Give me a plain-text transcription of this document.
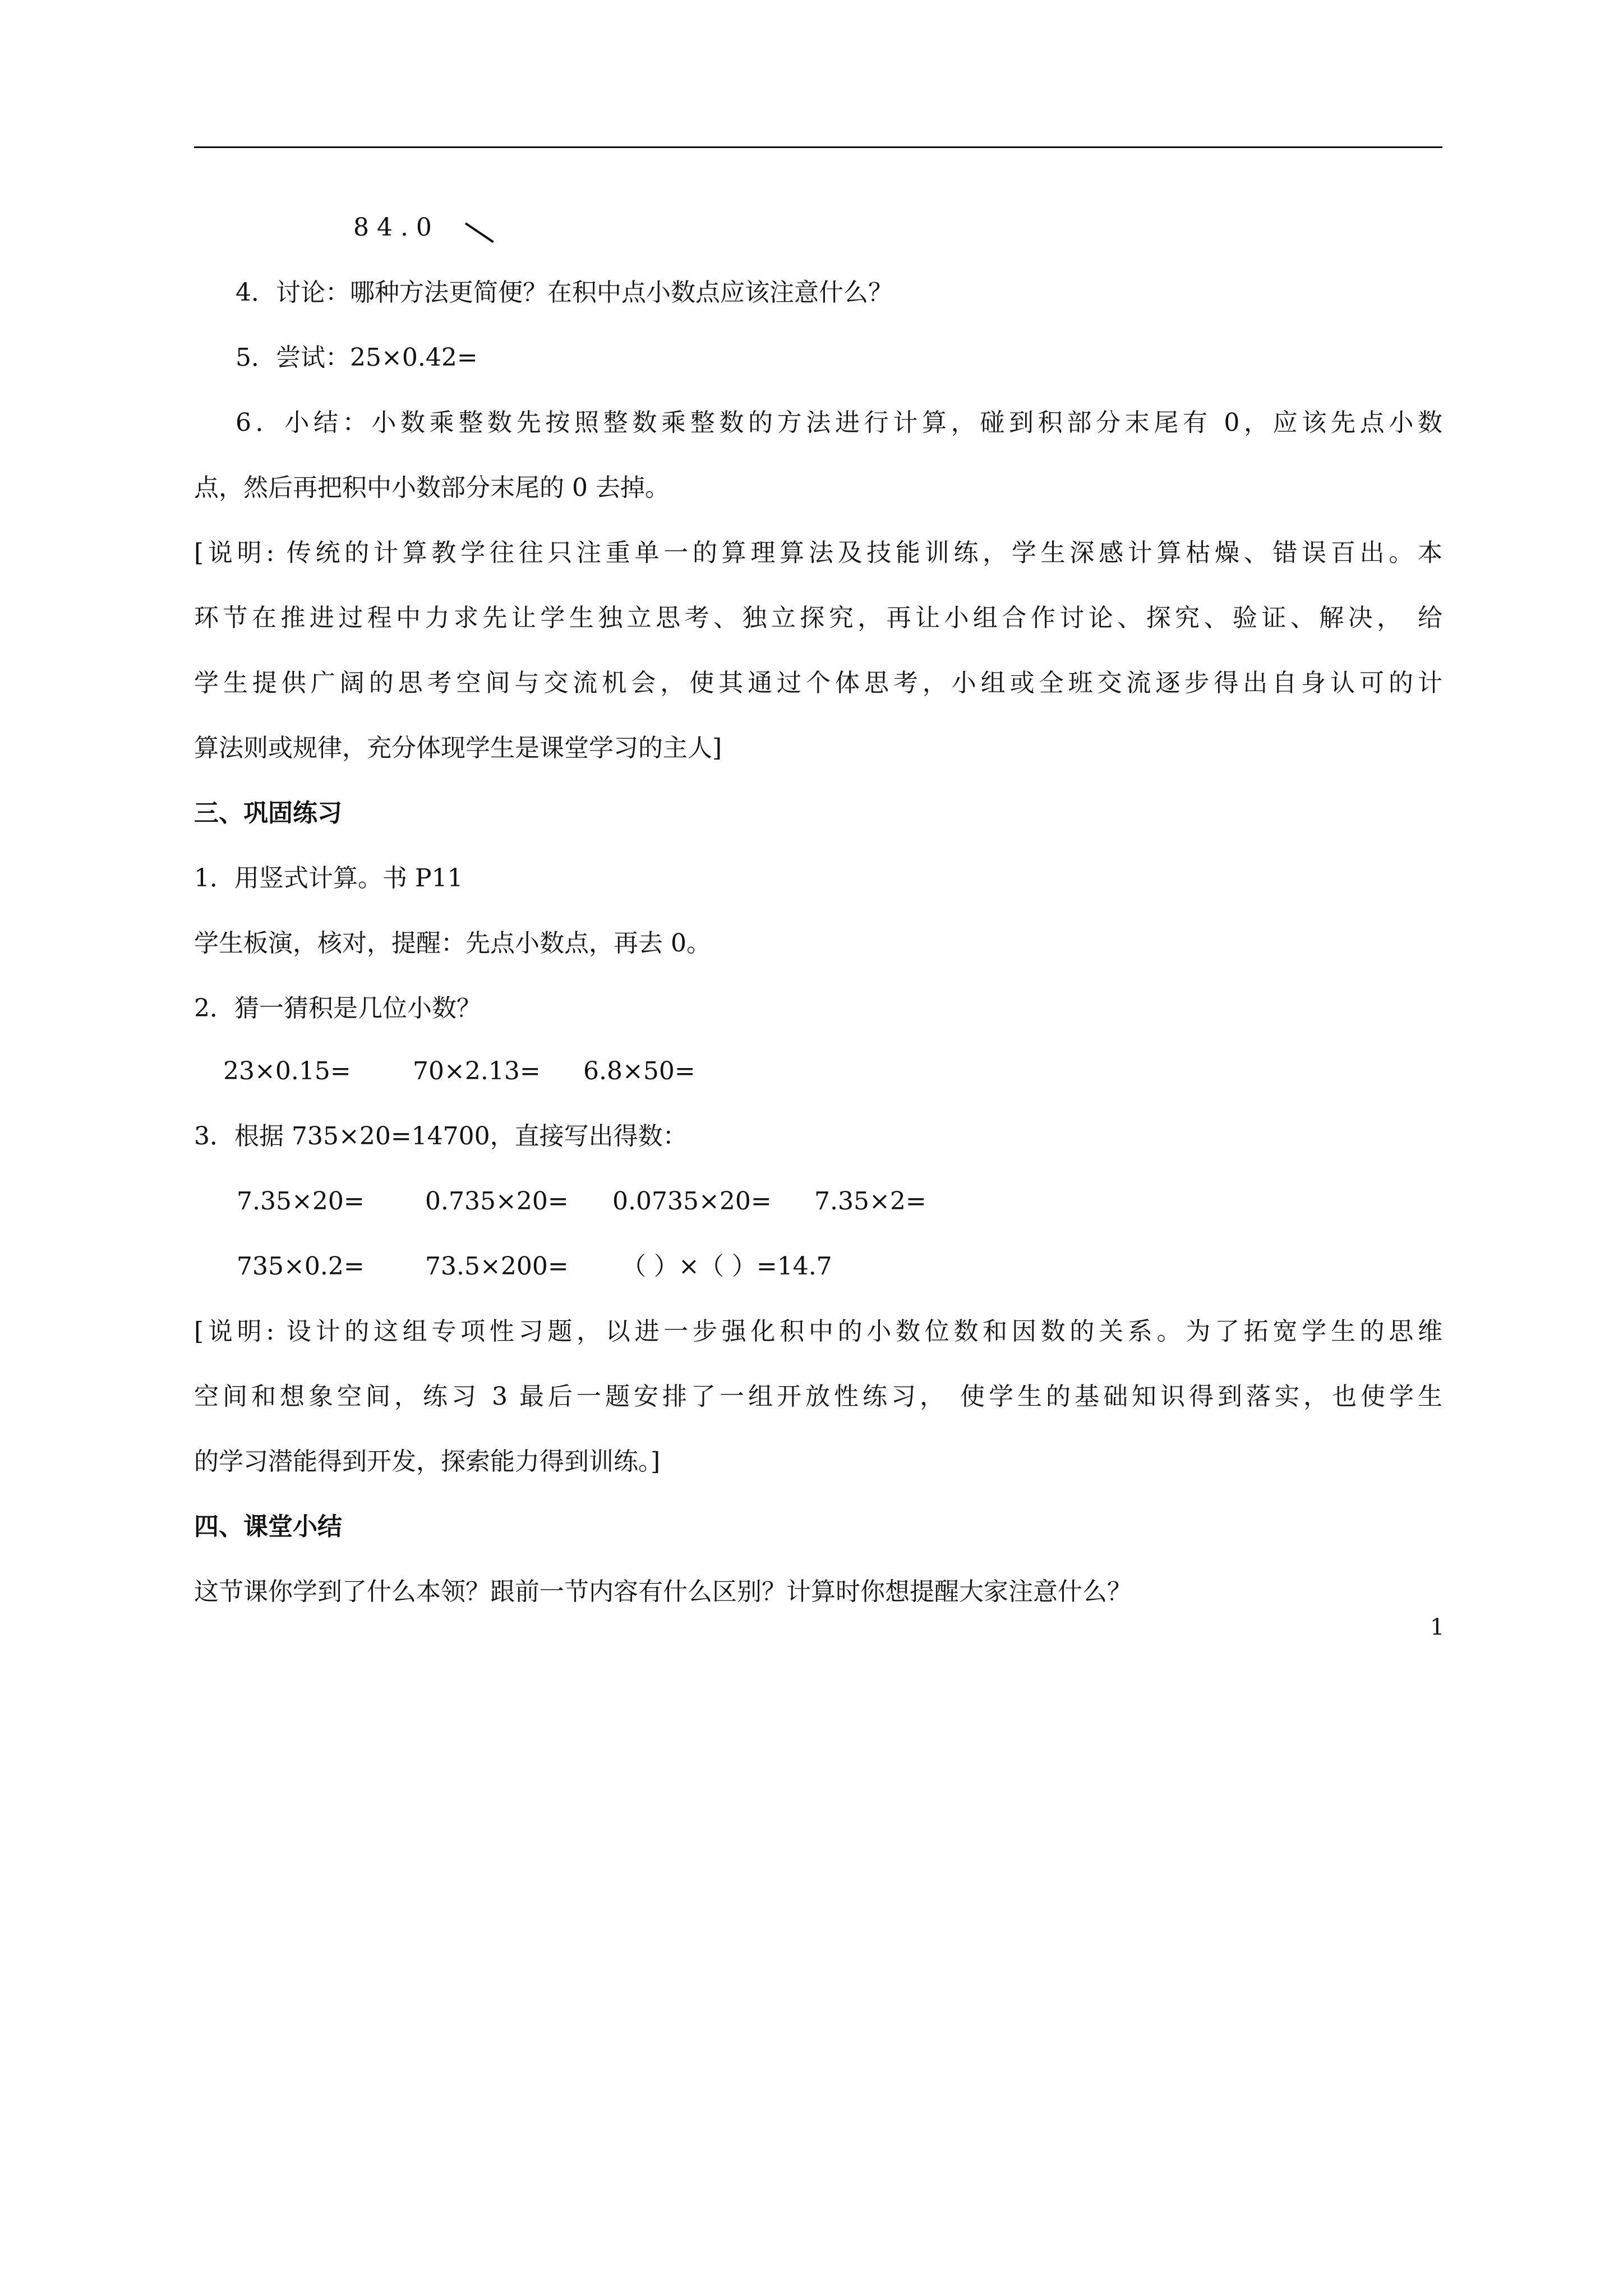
8 4 . 0
4．讨论：哪种方法更简便？在积中点小数点应该注意什么？
5．尝试：25×0.42=
6．小结：小数乘整数先按照整数乘整数的方法进行计算，碰到积部分末尾有 0，应该先点小数
点，然后再把积中小数部分末尾的 0 去掉。
[说明: 传统的计算教学往往只注重单一的算理算法及技能训练，学生深感计算枯燥、错误百出。本
环节在推进过程中力求先让学生独立思考、独立探究，再让小组合作讨论、探究、验证、解决， 给
学生提供广阔的思考空间与交流机会，使其通过个体思考，小组或全班交流逐步得出自身认可的计
算法则或规律，充分体现学生是课堂学习的主人]
三、巩固练习
1．用竖式计算。书 P11
学生板演，核对，提醒：先点小数点，再去 0。
2．猜一猜积是几位小数？
23×0.15=	70×2.13= 6.8×50=
3．根据 735×20=14700，直接写出得数：
7.35×20= 0.735×20= 0.0735×20= 7.35×2=
735×0.2= 73.5×200= （ ）×（ ）=14.7
[说明: 设计的这组专项性习题，以进一步强化积中的小数位数和因数的关系。为了拓宽学生的思维
空间和想象空间，练习 3 最后一题安排了一组开放性练习， 使学生的基础知识得到落实，也使学生
的学习潜能得到开发，探索能力得到训练。]
四、课堂小结
这节课你学到了什么本领？跟前一节内容有什么区别？计算时你想提醒大家注意什么？
1
